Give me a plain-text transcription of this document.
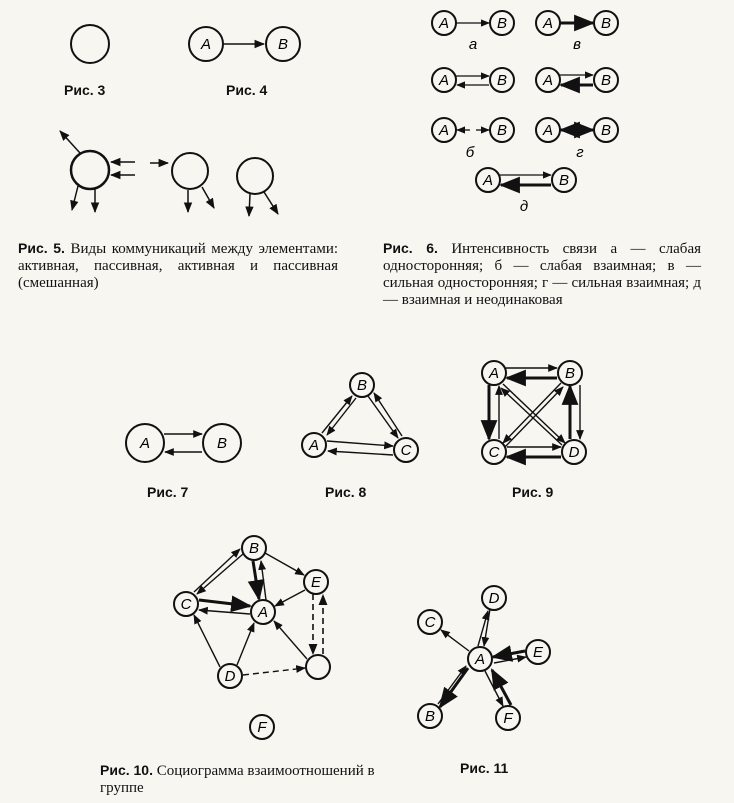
A	B
A	B
а
A	B
в
A	B A	B
A	B
б
A	B
г
A	B
д
A	B
B
A	C
A	B
C	D
B
C	A
E
D
F
A
C
D
E
B	F
Рис. 3	Рис. 4
Рис. 5. Виды коммуникаций между элементами: активная, пассивная, активная и пассивная (смешанная)
Рис. 6. Интенсивность связи а — слабая односторонняя; б — слабая взаимная; в — сильная односторонняя; г — сильная взаимная; д — взаимная и неодинаковая
Рис. 7	Рис. 8	Рис. 9
Рис. 10. Социограмма взаимоотношений в группе
Рис. 11
